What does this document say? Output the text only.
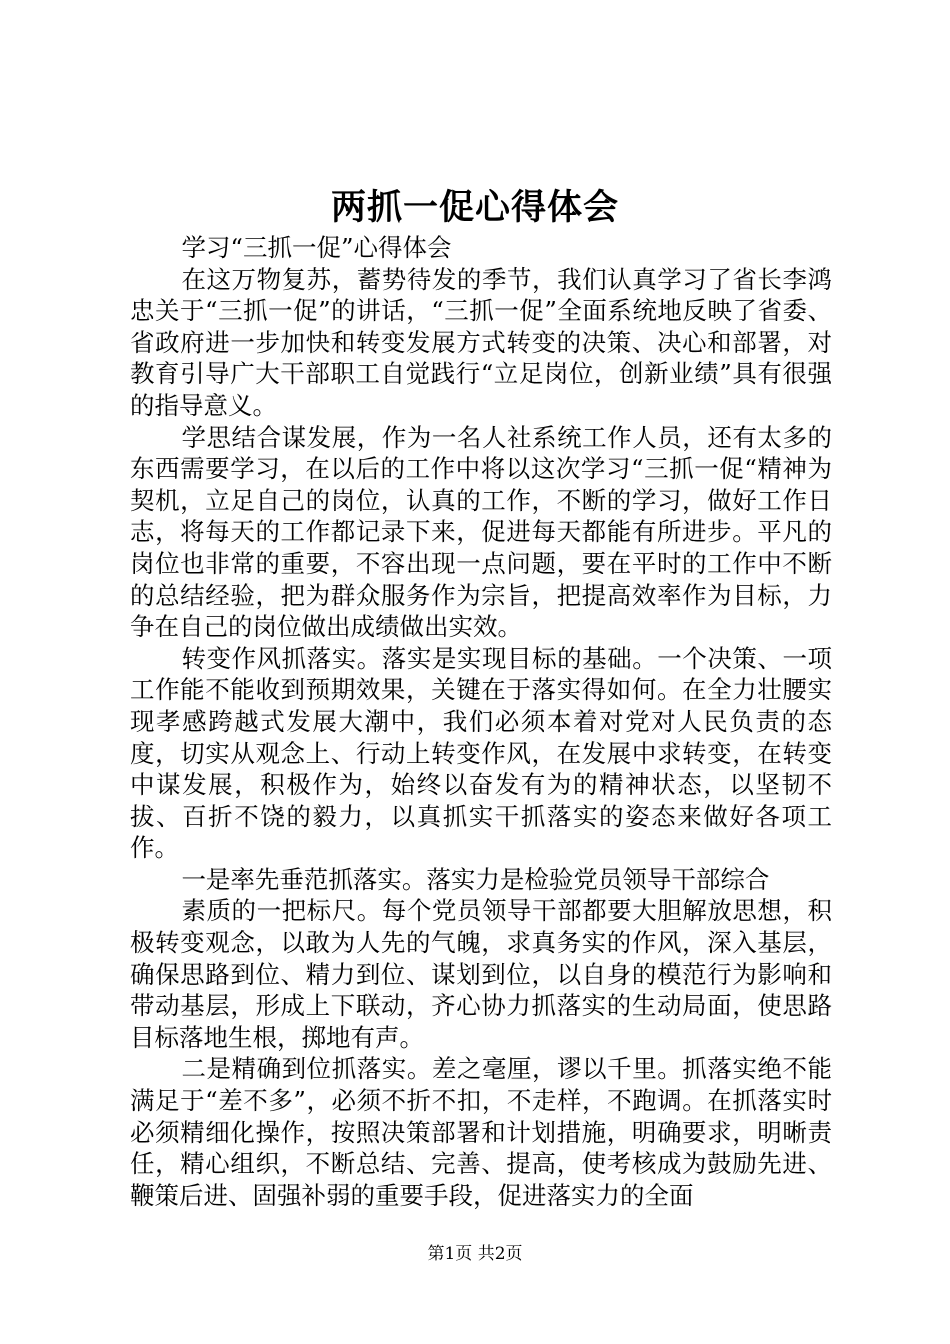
两抓一促心得体会

学习“三抓一促”心得体会

在这万物复苏，蓄势待发的季节，我们认真学习了省长李鸿忠关于“三抓一促”的讲话，“三抓一促”全面系统地反映了省委、省政府进一步加快和转变发展方式转变的决策、决心和部署，对教育引导广大干部职工自觉践行“立足岗位，创新业绩”具有很强的指导意义。

学思结合谋发展，作为一名人社系统工作人员，还有太多的东西需要学习，在以后的工作中将以这次学习“三抓一促“精神为契机，立足自己的岗位，认真的工作，不断的学习，做好工作日志，将每天的工作都记录下来，促进每天都能有所进步。平凡的岗位也非常的重要，不容出现一点问题，要在平时的工作中不断的总结经验，把为群众服务作为宗旨，把提高效率作为目标，力争在自己的岗位做出成绩做出实效。

转变作风抓落实。落实是实现目标的基础。一个决策、一项工作能不能收到预期效果，关键在于落实得如何。在全力壮腰实现孝感跨越式发展大潮中，我们必须本着对党对人民负责的态度，切实从观念上、行动上转变作风，在发展中求转变，在转变中谋发展，积极作为，始终以奋发有为的精神状态，以坚韧不拔、百折不饶的毅力，以真抓实干抓落实的姿态来做好各项工作。

一是率先垂范抓落实。落实力是检验党员领导干部综合

素质的一把标尺。每个党员领导干部都要大胆解放思想，积极转变观念，以敢为人先的气魄，求真务实的作风，深入基层，确保思路到位、精力到位、谋划到位，以自身的模范行为影响和带动基层，形成上下联动，齐心协力抓落实的生动局面，使思路目标落地生根，掷地有声。

二是精确到位抓落实。差之毫厘，谬以千里。抓落实绝不能满足于“差不多”，必须不折不扣，不走样，不跑调。在抓落实时必须精细化操作，按照决策部署和计划措施，明确要求，明晰责任，精心组织，不断总结、完善、提高，使考核成为鼓励先进、鞭策后进、固强补弱的重要手段，促进落实力的全面

第1页 共2页
